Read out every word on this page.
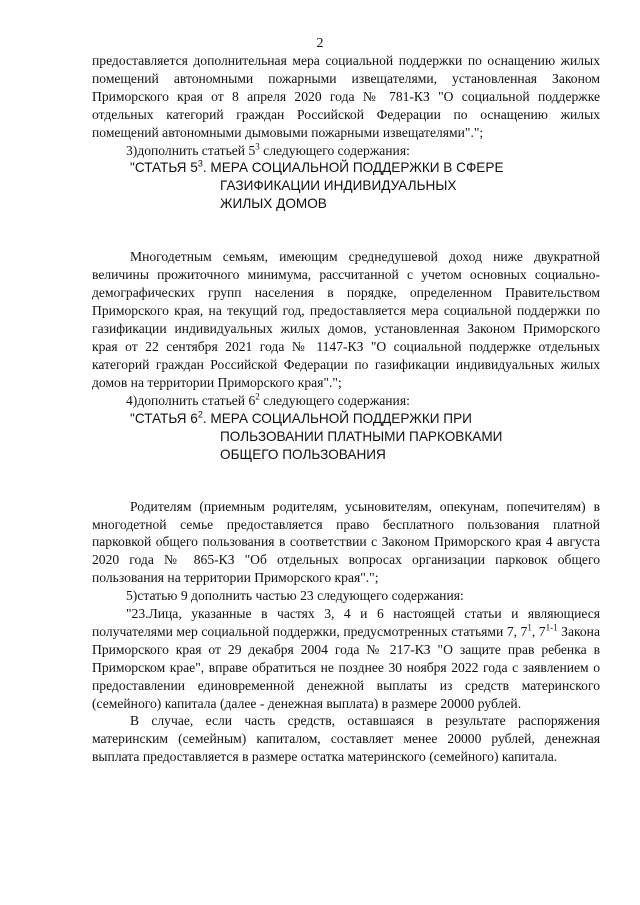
2

предоставляется дополнительная мера социальной поддержки по оснащению жилых помещений автономными пожарными извещателями, установленная Законом Приморского края от 8 апреля 2020 года № 781-КЗ "О социальной поддержке отдельных категорий граждан Российской Федерации по оснащению жилых помещений автономными дымовыми пожарными извещателями".";

3)дополнить статьей $5^3$ следующего содержания:

"СТАТЬЯ $5^3$. МЕРА СОЦИАЛЬНОЙ ПОДДЕРЖКИ В СФЕРЕ
ГАЗИФИКАЦИИ ИНДИВИДУАЛЬНЫХ
ЖИЛЫХ ДОМОВ

Многодетным семьям, имеющим среднедушевой доход ниже двукратной величины прожиточного минимума, рассчитанной с учетом основных социально-демографических групп населения в порядке, определенном Правительством Приморского края, на текущий год, предоставляется мера социальной поддержки по газификации индивидуальных жилых домов, установленная Законом Приморского края от 22 сентября 2021 года № 1147-КЗ "О социальной поддержке отдельных категорий граждан Российской Федерации по газификации индивидуальных жилых домов на территории Приморского края".";

4)дополнить статьей $6^2$ следующего содержания:

"СТАТЬЯ $6^2$. МЕРА СОЦИАЛЬНОЙ ПОДДЕРЖКИ ПРИ
ПОЛЬЗОВАНИИ ПЛАТНЫМИ ПАРКОВКАМИ
ОБЩЕГО ПОЛЬЗОВАНИЯ

Родителям (приемным родителям, усыновителям, опекунам, попечителям) в многодетной семье предоставляется право бесплатного пользования платной парковкой общего пользования в соответствии с Законом Приморского края 4 августа 2020 года № 865-КЗ "Об отдельных вопросах организации парковок общего пользования на территории Приморского края".";

5)статью 9 дополнить частью 23 следующего содержания:

"23.Лица, указанные в частях 3, 4 и 6 настоящей статьи и являющиеся получателями мер социальной поддержки, предусмотренных статьями 7, $7^1$, 7$^{1-1}$ Закона Приморского края от 29 декабря 2004 года № 217-КЗ "О защите прав ребенка в Приморском крае", вправе обратиться не позднее 30 ноября 2022 года с заявлением о предоставлении единовременной денежной выплаты из средств материнского (семейного) капитала (далее - денежная выплата) в размере 20000 рублей.

В случае, если часть средств, оставшаяся в результате распоряжения материнским (семейным) капиталом, составляет менее 20000 рублей, денежная выплата предоставляется в размере остатка материнского (семейного) капитала.
